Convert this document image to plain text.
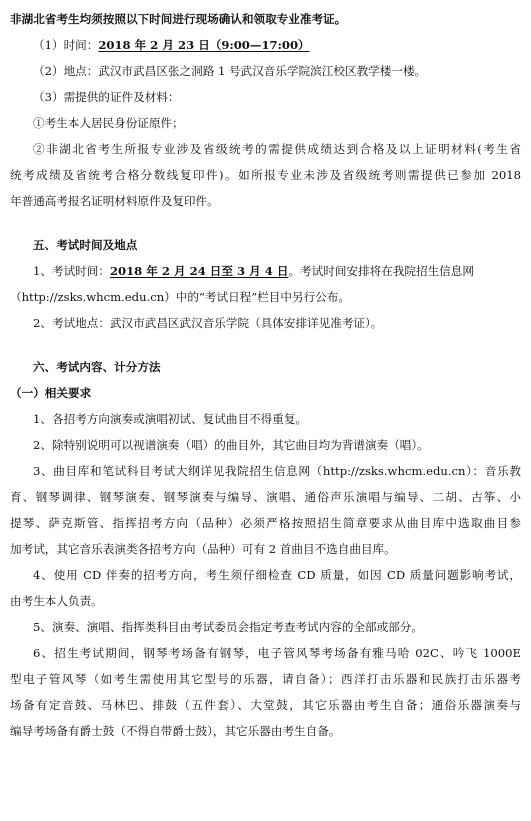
非湖北省考生均须按照以下时间进行现场确认和领取专业准考证。

（1）时间：2018 年 2 月 23 日（9:00—17:00）

（2）地点：武汉市武昌区张之洞路 1 号武汉音乐学院滨江校区教学楼一楼。

（3）需提供的证件及材料：

①考生本人居民身份证原件；

②非湖北省考生所报专业涉及省级统考的需提供成绩达到合格及以上证明材料(考生省

统考成绩及省统考合格分数线复印件)。如所报专业未涉及省级统考则需提供已参加 2018

年普通高考报名证明材料原件及复印件。

五、考试时间及地点

1、考试时间：2018 年 2 月 24 日至 3 月 4 日。考试时间安排将在我院招生信息网

（http://zsks.whcm.edu.cn）中的“考试日程”栏目中另行公布。

2、考试地点：武汉市武昌区武汉音乐学院（具体安排详见准考证）。

六、考试内容、计分方法

（一）相关要求

1、各招考方向演奏或演唱初试、复试曲目不得重复。

2、除特别说明可以视谱演奏（唱）的曲目外，其它曲目均为背谱演奏（唱）。

3、曲目库和笔试科目考试大纲详见我院招生信息网（http://zsks.whcm.edu.cn）：音乐教

育、钢琴调律、钢琴演奏、钢琴演奏与编导、演唱、通俗声乐演唱与编导、二胡、古筝、小

提琴、萨克斯管、指挥招考方向（品种）必须严格按照招生简章要求从曲目库中选取曲目参

加考试，其它音乐表演类各招考方向（品种）可有 2 首曲目不选自曲目库。

4、使用 CD 伴奏的招考方向，考生须仔细检查 CD 质量，如因 CD 质量问题影响考试，

由考生本人负责。

5、演奏、演唱、指挥类科目由考试委员会指定考查考试内容的全部或部分。

6、招生考试期间，钢琴考场备有钢琴，电子管风琴考场备有雅马哈 02C、吟飞 1000E

型电子管风琴（如考生需使用其它型号的乐器，请自备）；西洋打击乐器和民族打击乐器考

场备有定音鼓、马林巴、排鼓（五件套）、大堂鼓，其它乐器由考生自备；通俗乐器演奏与

编导考场备有爵士鼓（不得自带爵士鼓），其它乐器由考生自备。
